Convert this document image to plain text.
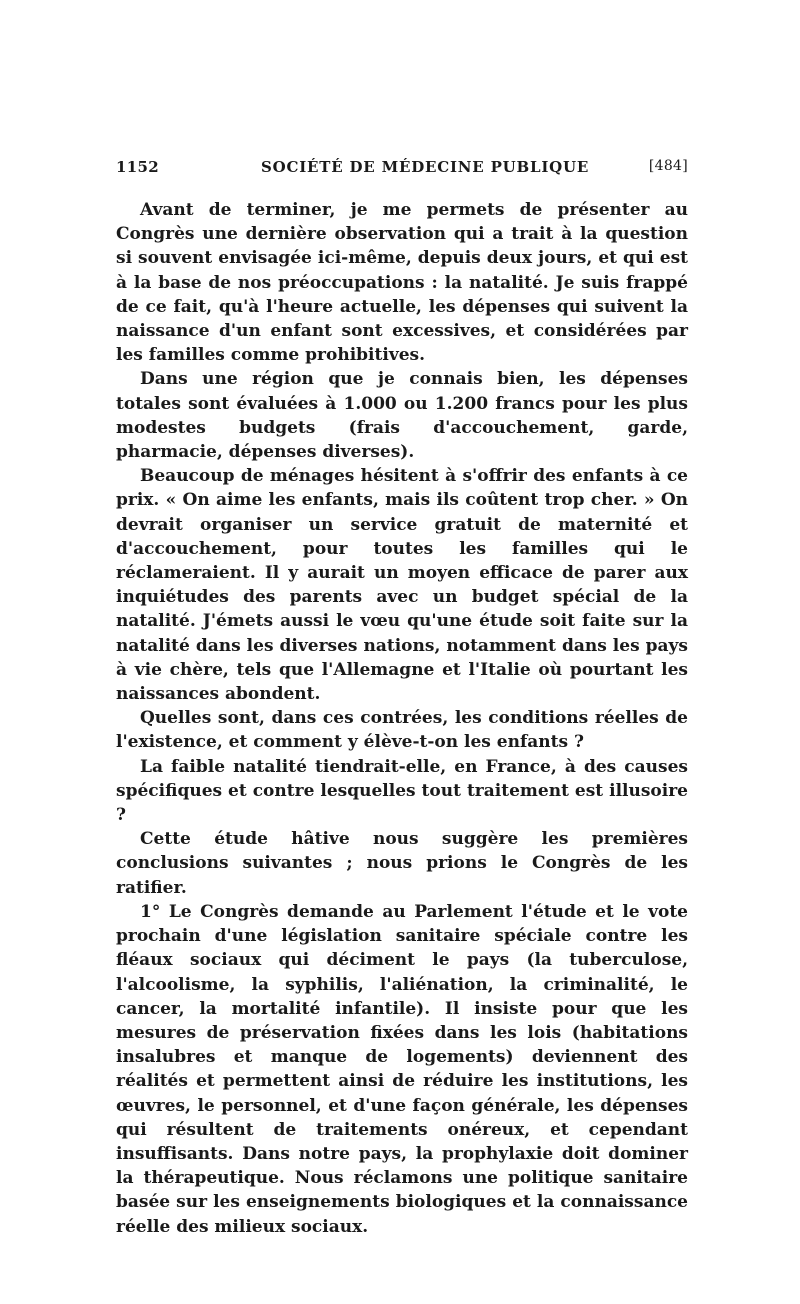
1152	SOCIÉTÉ DE MÉDECINE PUBLIQUE	[484]

Avant de terminer, je me permets de présenter au Congrès une dernière observation qui a trait à la question si souvent envisagée ici-même, depuis deux jours, et qui est à la base de nos préoccupations : la natalité. Je suis frappé de ce fait, qu'à l'heure actuelle, les dépenses qui suivent la naissance d'un enfant sont excessives, et considérées par les familles comme prohibitives.

Dans une région que je connais bien, les dépenses totales sont évaluées à 1.000 ou 1.200 francs pour les plus modestes budgets (frais d'accouchement, garde, pharmacie, dépenses diverses).

Beaucoup de ménages hésitent à s'offrir des enfants à ce prix. « On aime les enfants, mais ils coûtent trop cher. » On devrait organiser un service gratuit de maternité et d'accouchement, pour toutes les familles qui le réclameraient. Il y aurait un moyen efficace de parer aux inquiétudes des parents avec un budget spécial de la natalité. J'émets aussi le vœu qu'une étude soit faite sur la natalité dans les diverses nations, notamment dans les pays à vie chère, tels que l'Allemagne et l'Italie où pourtant les naissances abondent.

Quelles sont, dans ces contrées, les conditions réelles de l'existence, et comment y élève-t-on les enfants ?

La faible natalité tiendrait-elle, en France, à des causes spécifiques et contre lesquelles tout traitement est illusoire ?

Cette étude hâtive nous suggère les premières conclusions suivantes ; nous prions le Congrès de les ratifier.

1° Le Congrès demande au Parlement l'étude et le vote prochain d'une législation sanitaire spéciale contre les fléaux sociaux qui déciment le pays (la tuberculose, l'alcoolisme, la syphilis, l'aliénation, la criminalité, le cancer, la mortalité infantile). Il insiste pour que les mesures de préservation fixées dans les lois (habitations insalubres et manque de logements) deviennent des réalités et permettent ainsi de réduire les institutions, les œuvres, le personnel, et d'une façon générale, les dépenses qui résultent de traitements onéreux, et cependant insuffisants. Dans notre pays, la prophylaxie doit dominer la thérapeutique. Nous réclamons une politique sanitaire basée sur les enseignements biologiques et la connaissance réelle des milieux sociaux.
